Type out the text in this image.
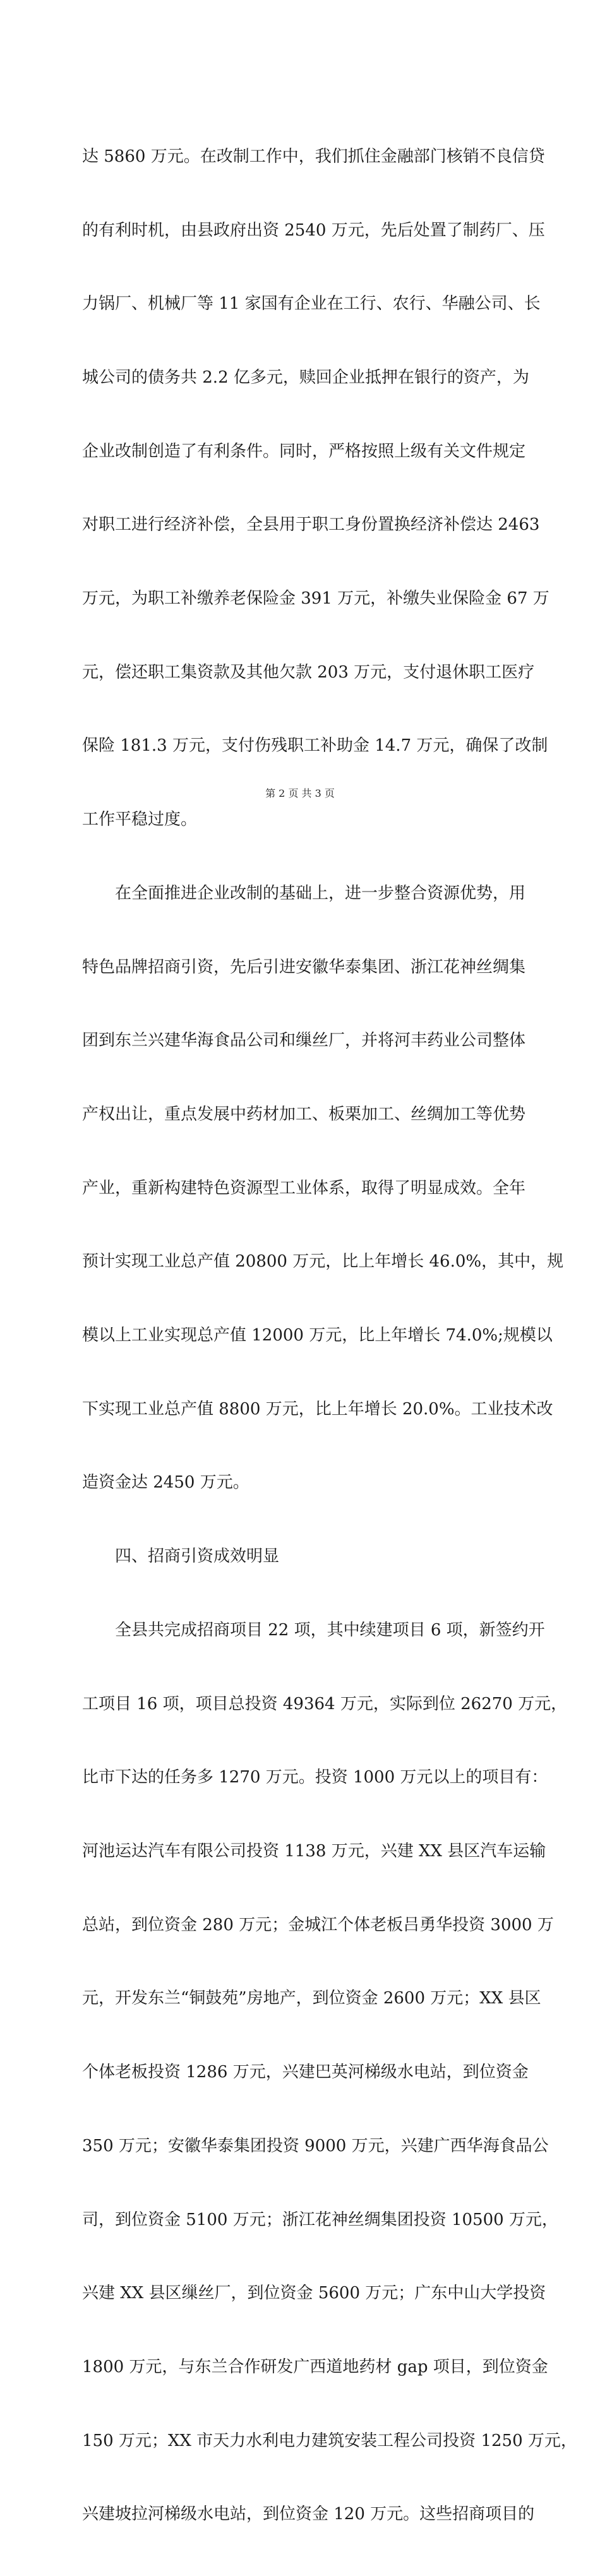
达 5860 万元。在改制工作中，我们抓住金融部门核销不良信贷

的有利时机，由县政府出资 2540 万元，先后处置了制药厂、压

力锅厂、机械厂等 11 家国有企业在工行、农行、华融公司、长

城公司的债务共 2.2 亿多元，赎回企业抵押在银行的资产，为

企业改制创造了有利条件。同时，严格按照上级有关文件规定

对职工进行经济补偿，全县用于职工身份置换经济补偿达 2463

万元，为职工补缴养老保险金 391 万元，补缴失业保险金 67 万

元，偿还职工集资款及其他欠款 203 万元，支付退休职工医疗

保险 181.3 万元，支付伤残职工补助金 14.7 万元，确保了改制

工作平稳过度。

　　在全面推进企业改制的基础上，进一步整合资源优势，用

特色品牌招商引资，先后引进安徽华泰集团、浙江花神丝绸集

团到东兰兴建华海食品公司和缫丝厂，并将河丰药业公司整体

产权出让，重点发展中药材加工、板栗加工、丝绸加工等优势

产业，重新构建特色资源型工业体系，取得了明显成效。全年

预计实现工业总产值 20800 万元，比上年增长 46.0%，其中，规

模以上工业实现总产值 12000 万元，比上年增长 74.0%;规模以

下实现工业总产值 8800 万元，比上年增长 20.0%。工业技术改

造资金达 2450 万元。

　　四、招商引资成效明显

　　全县共完成招商项目 22 项，其中续建项目 6 项，新签约开

工项目 16 项，项目总投资 49364 万元，实际到位 26270 万元，

比市下达的任务多 1270 万元。投资 1000 万元以上的项目有：

河池运达汽车有限公司投资 1138 万元，兴建 XX 县区汽车运输

总站，到位资金 280 万元；金城江个体老板吕勇华投资 3000 万

元，开发东兰“铜鼓苑”房地产，到位资金 2600 万元；XX 县区

个体老板投资 1286 万元，兴建巴英河梯级水电站，到位资金

350 万元；安徽华泰集团投资 9000 万元，兴建广西华海食品公

司，到位资金 5100 万元；浙江花神丝绸集团投资 10500 万元，

兴建 XX 县区缫丝厂，到位资金 5600 万元；广东中山大学投资

1800 万元，与东兰合作研发广西道地药材 gap 项目，到位资金

150 万元；XX 市天力水利电力建筑安装工程公司投资 1250 万元，

兴建坡拉河梯级水电站，到位资金 120 万元。这些招商项目的

第 2 页 共 3 页
